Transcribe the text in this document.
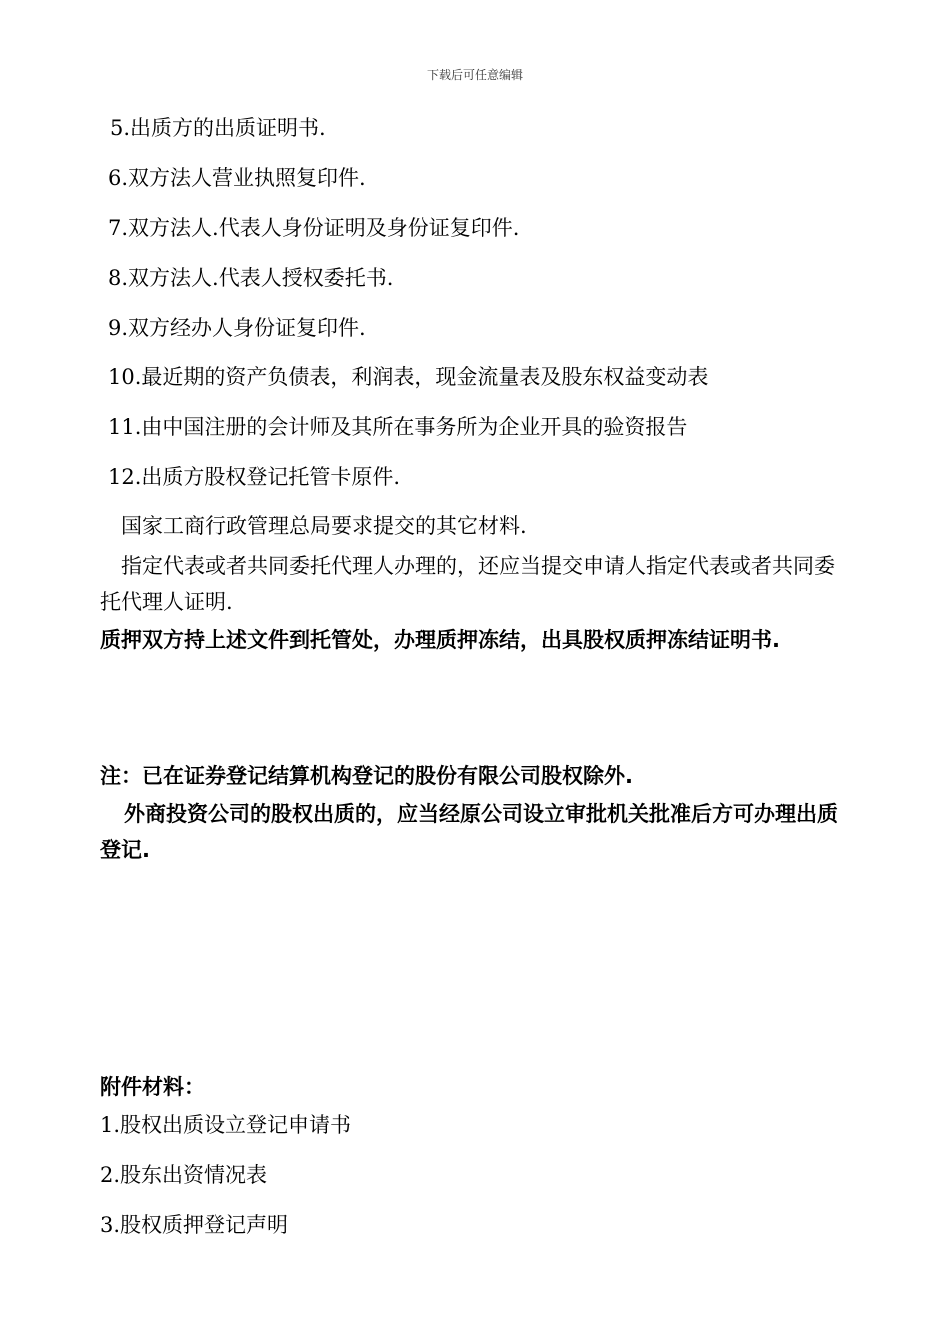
下载后可任意编辑
5.出质方的出质证明书.
6.双方法人营业执照复印件.
7.双方法人.代表人身份证明及身份证复印件.
8.双方法人.代表人授权委托书.
9.双方经办人身份证复印件.
10.最近期的资产负债表，利润表，现金流量表及股东权益变动表
11.由中国注册的会计师及其所在事务所为企业开具的验资报告
12.出质方股权登记托管卡原件.
国家工商行政管理总局要求提交的其它材料.
指定代表或者共同委托代理人办理的，还应当提交申请人指定代表或者共同委托代理人证明.
质押双方持上述文件到托管处，办理质押冻结，出具股权质押冻结证明书.
注：已在证券登记结算机构登记的股份有限公司股权除外.
外商投资公司的股权出质的，应当经原公司设立审批机关批准后方可办理出质登记.
附件材料：
1.股权出质设立登记申请书
2.股东出资情况表
3.股权质押登记声明
